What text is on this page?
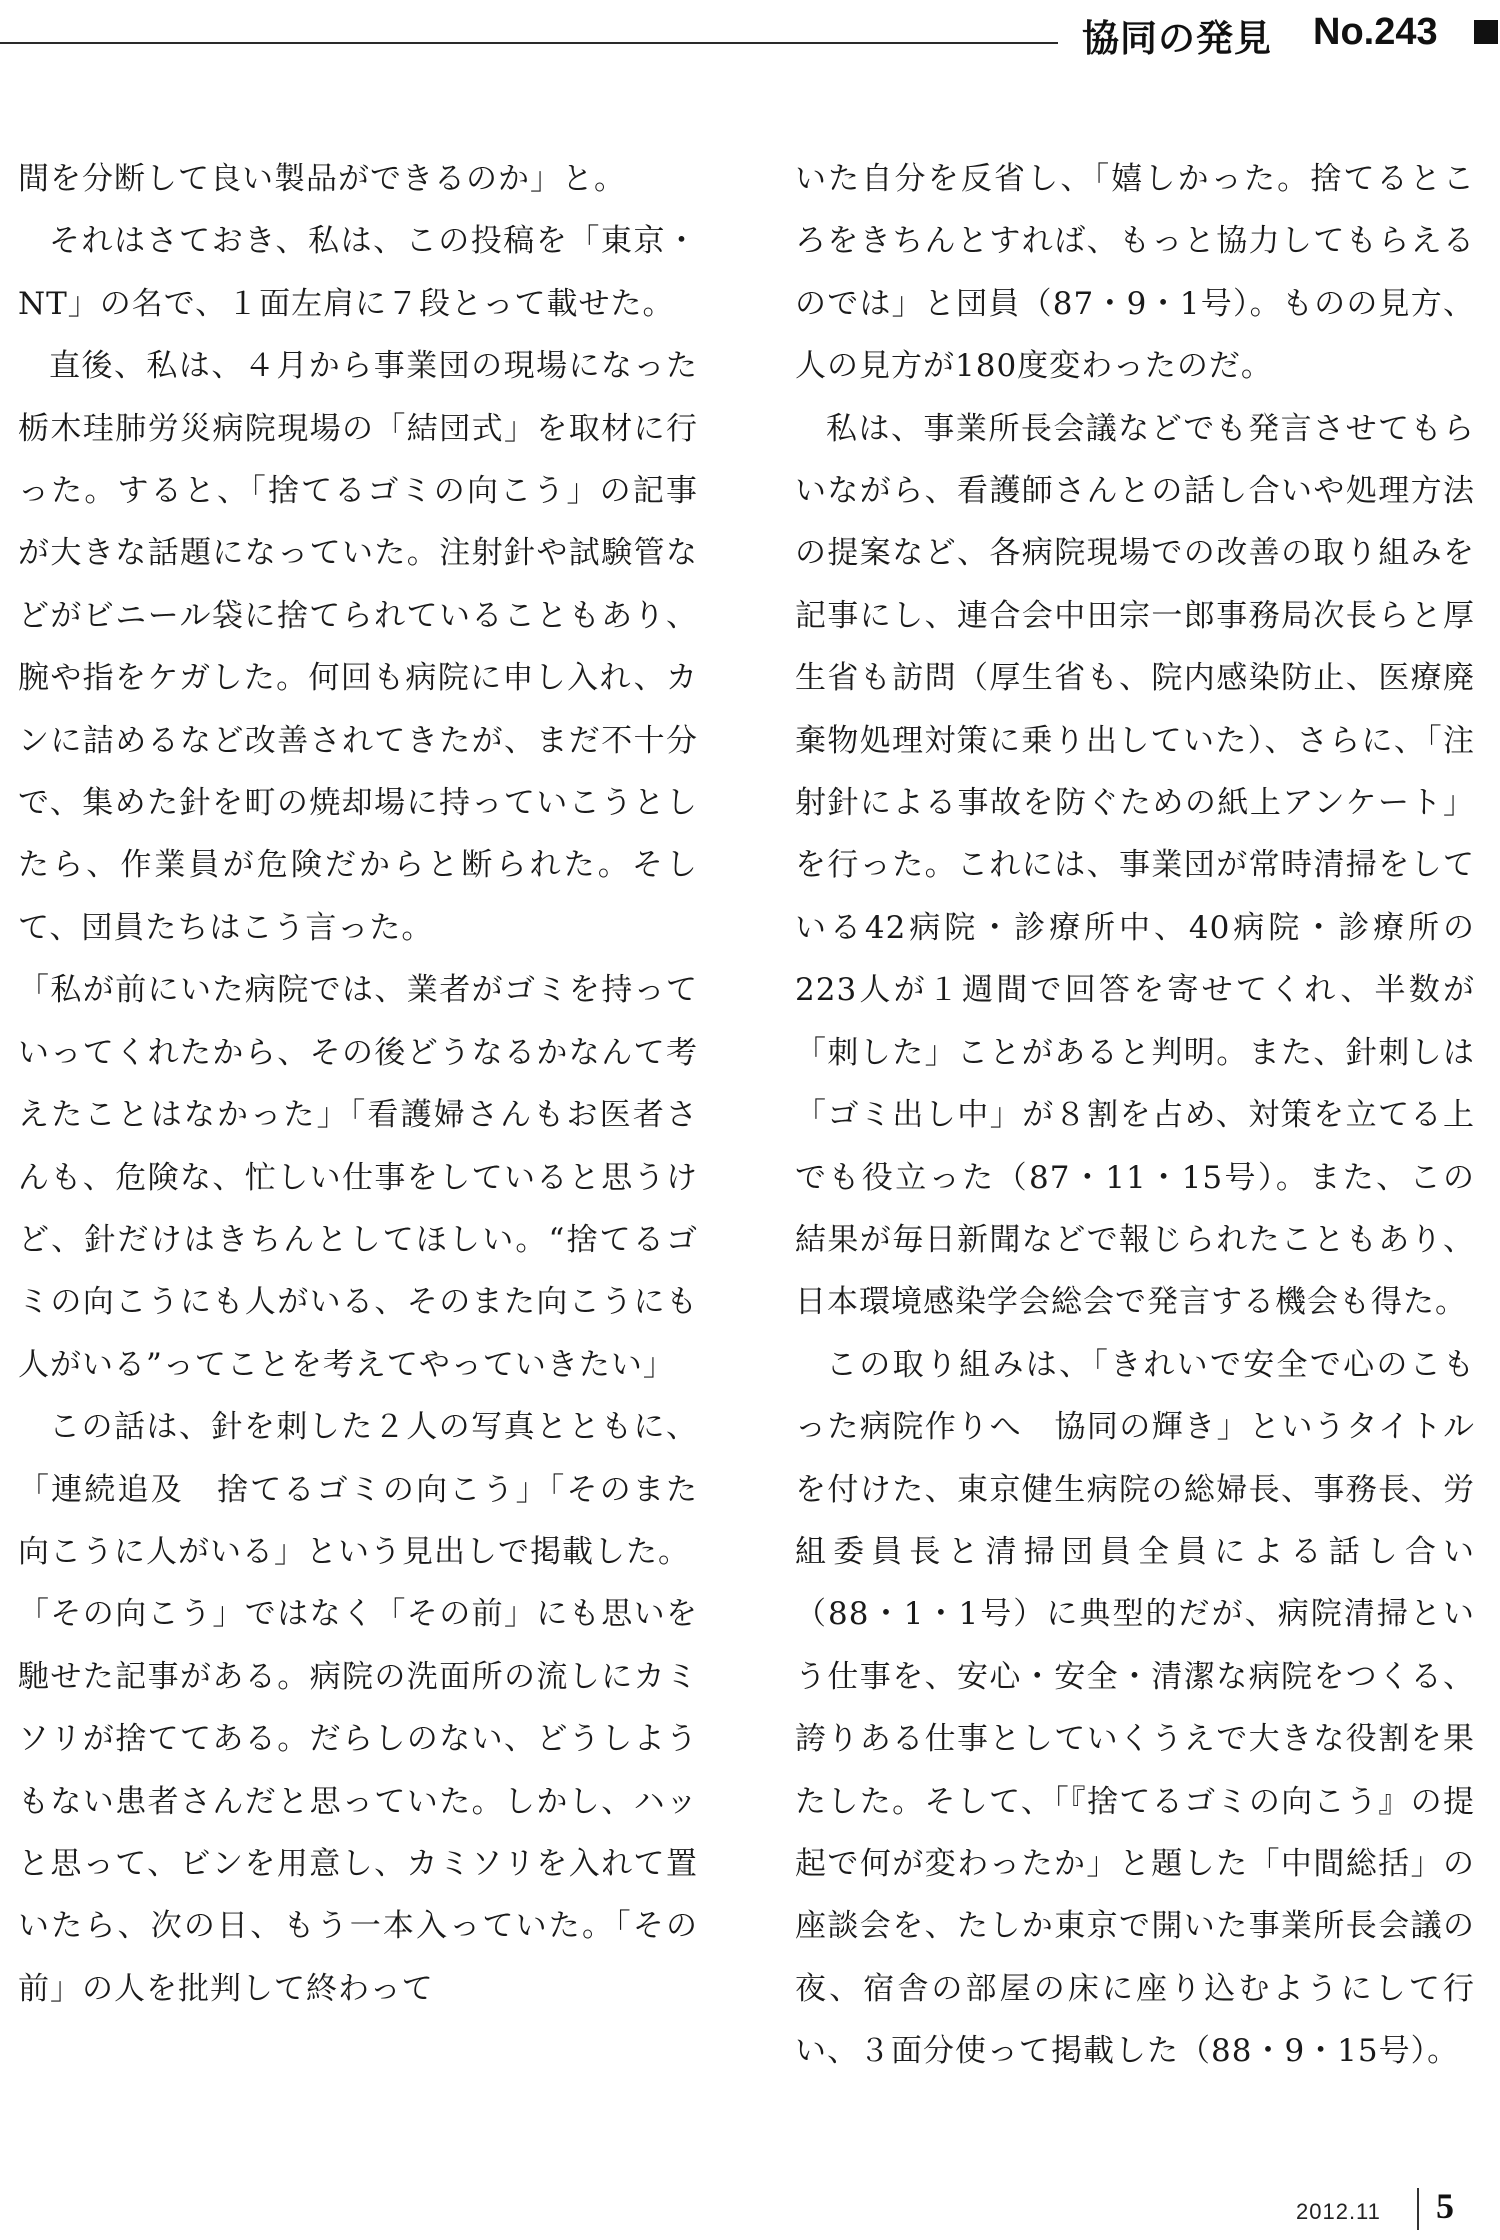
協同の発見 No.243

間を分断して良い製品ができるのか」と。

それはさておき、私は、この投稿を「東京・NT」の名で、１面左肩に７段とって載せた。

直後、私は、４月から事業団の現場になった栃木珪肺労災病院現場の「結団式」を取材に行った。すると、「捨てるゴミの向こう」の記事が大きな話題になっていた。注射針や試験管などがビニール袋に捨てられていることもあり、腕や指をケガした。何回も病院に申し入れ、カンに詰めるなど改善されてきたが、まだ不十分で、集めた針を町の焼却場に持っていこうとしたら、作業員が危険だからと断られた。そして、団員たちはこう言った。

「私が前にいた病院では、業者がゴミを持っていってくれたから、その後どうなるかなんて考えたことはなかった」「看護婦さんもお医者さんも、危険な、忙しい仕事をしていると思うけど、針だけはきちんとしてほしい。“捨てるゴミの向こうにも人がいる、そのまた向こうにも人がいる”ってことを考えてやっていきたい」

この話は、針を刺した２人の写真とともに、「連続追及　捨てるゴミの向こう」「そのまた向こうに人がいる」という見出しで掲載した。

「その向こう」ではなく「その前」にも思いを馳せた記事がある。病院の洗面所の流しにカミソリが捨ててある。だらしのない、どうしようもない患者さんだと思っていた。しかし、ハッと思って、ビンを用意し、カミソリを入れて置いたら、次の日、もう一本入っていた。「その前」の人を批判して終わって

いた自分を反省し、「嬉しかった。捨てるところをきちんとすれば、もっと協力してもらえるのでは」と団員（87・9・1号）。ものの見方、人の見方が180度変わったのだ。

私は、事業所長会議などでも発言させてもらいながら、看護師さんとの話し合いや処理方法の提案など、各病院現場での改善の取り組みを記事にし、連合会中田宗一郎事務局次長らと厚生省も訪問（厚生省も、院内感染防止、医療廃棄物処理対策に乗り出していた）、さらに、「注射針による事故を防ぐための紙上アンケート」を行った。これには、事業団が常時清掃をしている42病院・診療所中、40病院・診療所の223人が１週間で回答を寄せてくれ、半数が「刺した」ことがあると判明。また、針刺しは「ゴミ出し中」が８割を占め、対策を立てる上でも役立った（87・11・15号）。また、この結果が毎日新聞などで報じられたこともあり、日本環境感染学会総会で発言する機会も得た。

この取り組みは、「きれいで安全で心のこもった病院作りへ　協同の輝き」というタイトルを付けた、東京健生病院の総婦長、事務長、労組委員長と清掃団員全員による話し合い（88・1・1号）に典型的だが、病院清掃という仕事を、安心・安全・清潔な病院をつくる、誇りある仕事としていくうえで大きな役割を果たした。そして、「『捨てるゴミの向こう』の提起で何が変わったか」と題した「中間総括」の座談会を、たしか東京で開いた事業所長会議の夜、宿舎の部屋の床に座り込むようにして行い、３面分使って掲載した（88・9・15号）。

2012.11 5
